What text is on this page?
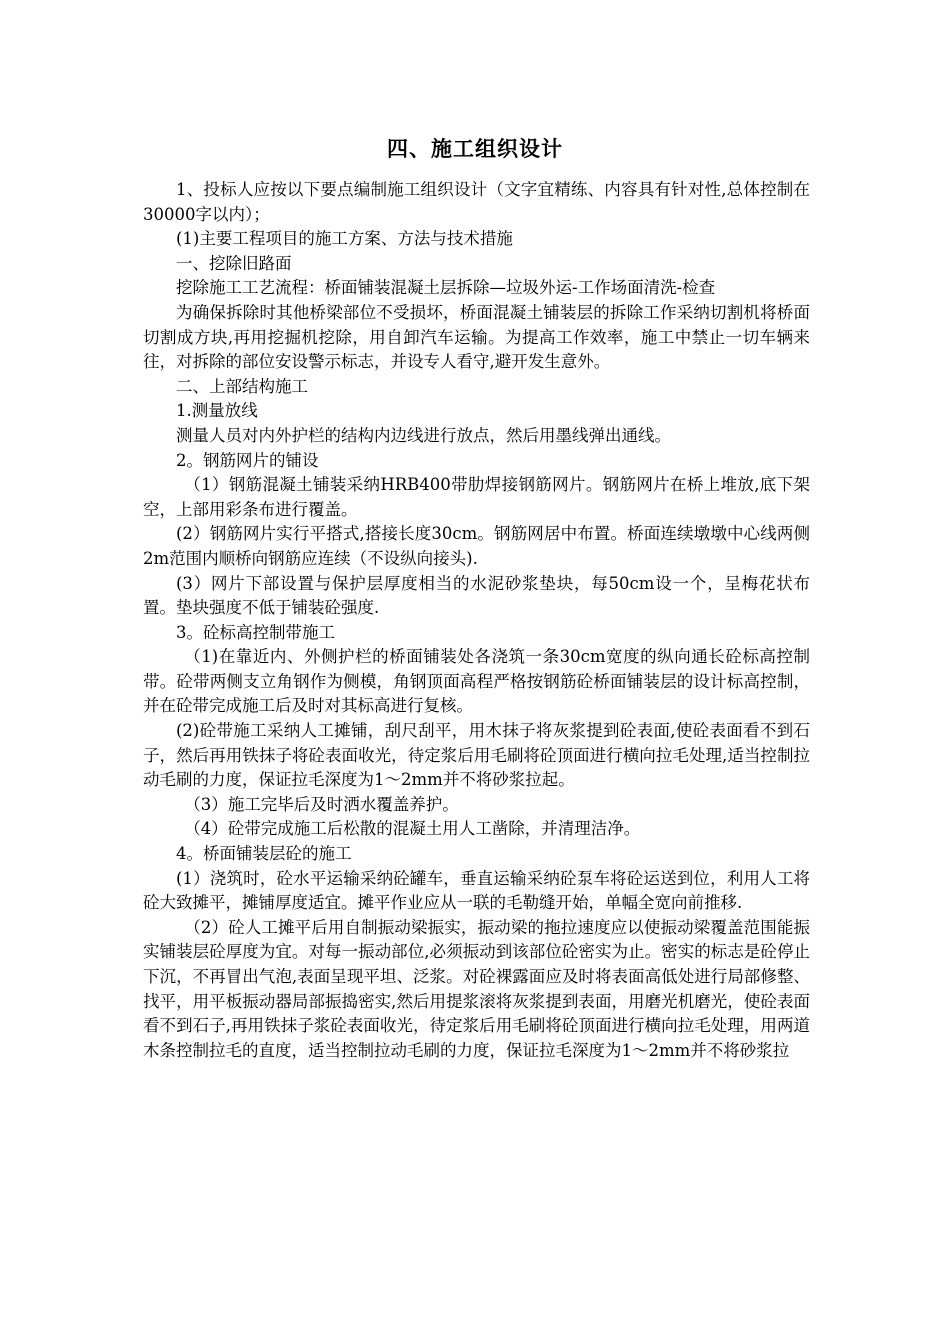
四、施工组织设计

1、投标人应按以下要点编制施工组织设计（文字宜精练、内容具有针对性,总体控制在30000字以内）；

(1)主要工程项目的施工方案、方法与技术措施

一、挖除旧路面

挖除施工工艺流程：桥面铺装混凝土层拆除—垃圾外运-工作场面清洗-检查

为确保拆除时其他桥梁部位不受损坏，桥面混凝土铺装层的拆除工作采纳切割机将桥面切割成方块,再用挖掘机挖除，用自卸汽车运输。为提高工作效率，施工中禁止一切车辆来往，对拆除的部位安设警示标志，并设专人看守,避开发生意外。

二、上部结构施工

1.测量放线

测量人员对内外护栏的结构内边线进行放点，然后用墨线弹出通线。

2。钢筋网片的铺设

（1）钢筋混凝土铺装采纳HRB400带肋焊接钢筋网片。钢筋网片在桥上堆放,底下架空，上部用彩条布进行覆盖。

(2）钢筋网片实行平搭式,搭接长度30cm。钢筋网居中布置。桥面连续墩墩中心线两侧2m范围内顺桥向钢筋应连续（不设纵向接头).

(3）网片下部设置与保护层厚度相当的水泥砂浆垫块，每50cm设一个，呈梅花状布置。垫块强度不低于铺装砼强度.

3。砼标高控制带施工

（1)在靠近内、外侧护栏的桥面铺装处各浇筑一条30cm宽度的纵向通长砼标高控制带。砼带两侧支立角钢作为侧模，角钢顶面高程严格按钢筋砼桥面铺装层的设计标高控制，并在砼带完成施工后及时对其标高进行复核。

(2)砼带施工采纳人工摊铺，刮尺刮平，用木抹子将灰浆提到砼表面,使砼表面看不到石子，然后再用铁抹子将砼表面收光，待定浆后用毛刷将砼顶面进行横向拉毛处理,适当控制拉动毛刷的力度，保证拉毛深度为1～2mm并不将砂浆拉起。

（3）施工完毕后及时洒水覆盖养护。

（4）砼带完成施工后松散的混凝土用人工凿除，并清理洁净。

4。桥面铺装层砼的施工

(1）浇筑时，砼水平运输采纳砼罐车，垂直运输采纳砼泵车将砼运送到位，利用人工将砼大致摊平，摊铺厚度适宜。摊平作业应从一联的毛勒缝开始，单幅全宽向前推移.

（2）砼人工摊平后用自制振动梁振实，振动梁的拖拉速度应以使振动梁覆盖范围能振实铺装层砼厚度为宜。对每一振动部位,必须振动到该部位砼密实为止。密实的标志是砼停止下沉，不再冒出气泡,表面呈现平坦、泛浆。对砼裸露面应及时将表面高低处进行局部修整、找平，用平板振动器局部振捣密实,然后用提浆滚将灰浆提到表面，用磨光机磨光，使砼表面看不到石子,再用铁抹子浆砼表面收光，待定浆后用毛刷将砼顶面进行横向拉毛处理，用两道木条控制拉毛的直度，适当控制拉动毛刷的力度，保证拉毛深度为1～2mm并不将砂浆拉
